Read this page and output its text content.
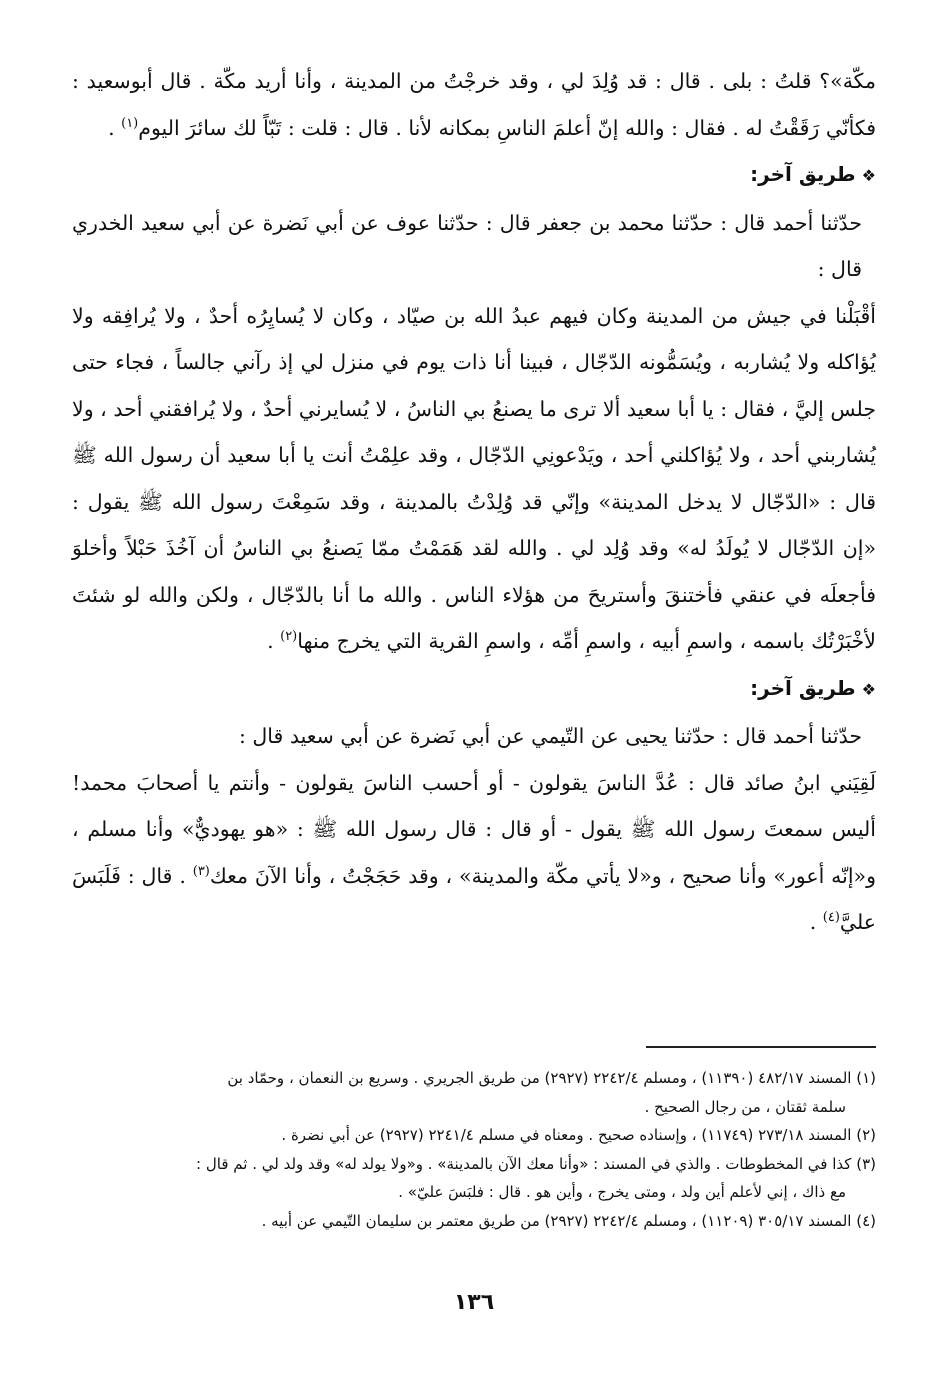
مكّة»؟ قلتُ : بلى . قال : قد وُلِدَ لي ، وقد خرجْتُ من المدينة ، وأنا أريد مكّة . قال أبوسعيد : فكأنّي رَقَقْتُ له . فقال : والله إنّ أعلمَ الناسِ بمكانه لأنا . قال : قلت : تَبّاً لك سائرَ اليوم$^{(١)}$ .

❖طريق آخر:

حدّثنا أحمد قال : حدّثنا محمد بن جعفر قال : حدّثنا عوف عن أبي نَضرة عن أبي سعيد الخدري قال :

أقْبَلْنا في جيش من المدينة وكان فيهم عبدُ الله بن صيّاد ، وكان لا يُسايِرُه أحدٌ ، ولا يُرافِقه ولا يُؤاكله ولا يُشاربه ، ويُسَمُّونه الدّجّال ، فبينا أنا ذات يوم في منزل لي إذ رآني جالساً ، فجاء حتى جلس إليَّ ، فقال : يا أبا سعيد ألا ترى ما يصنعُ بي الناسُ ، لا يُسايرني أحدٌ ، ولا يُرافقني أحد ، ولا يُشاربني أحد ، ولا يُؤاكلني أحد ، ويَدْعونِي الدّجّال ، وقد علِمْتُ أنت يا أبا سعيد أن رسول الله ﷺ قال : «الدّجّال لا يدخل المدينة» وإنّي قد وُلِدْتُ بالمدينة ، وقد سَمِعْتَ رسول الله ﷺ يقول : «إن الدّجّال لا يُولَدُ له» وقد وُلِد لي . والله لقد هَمَمْتُ ممّا يَصنعُ بي الناسُ أن آخُذَ حَبْلاً وأخلوَ فأجعلَه في عنقي فأختنقَ وأستريحَ من هؤلاء الناس . والله ما أنا بالدّجّال ، ولكن والله لو شئتَ لأخْبَرْتُك باسمه ، واسمِ أبيه ، واسمِ أمِّه ، واسمِ القرية التي يخرج منها$^{(٢)}$ .

❖طريق آخر:

حدّثنا أحمد قال : حدّثنا يحيى عن التّيمي عن أبي نَضرة عن أبي سعيد قال :

لَقِيَني ابنُ صائد قال : عُدَّ الناسَ يقولون - أو أحسب الناسَ يقولون - وأنتم يا أصحابَ محمد! أليس سمعتَ رسول الله ﷺ يقول - أو قال : قال رسول الله ﷺ : «هو يهوديٌّ» وأنا مسلم ، و«إنّه أعور» وأنا صحيح ، و«لا يأتي مكّة والمدينة» ، وقد حَجَجْتُ ، وأنا الآنَ معك$^{(٣)}$ . قال : فَلَبَسَ عليَّ$^{(٤)}$ .

(١) المسند ٤٨٢/١٧ (١١٣٩٠) ، ومسلم ٢٢٤٢/٤ (٢٩٢٧) من طريق الجريري . وسريع بن النعمان ، وحمّاد بن

سلمة ثقتان ، من رجال الصحيح .

(٢) المسند ٢٧٣/١٨ (١١٧٤٩) ، وإسناده صحيح . ومعناه في مسلم ٢٢٤١/٤ (٢٩٢٧) عن أبي نضرة .

(٣) كذا في المخطوطات . والذي في المسند : «وأنا معك الآن بالمدينة» . و«ولا يولد له» وقد ولد لي . ثم قال :

مع ذاك ، إني لأعلم أين ولد ، ومتى يخرج ، وأين هو . قال : فلبَسَ عليّ» .

(٤) المسند ٣٠٥/١٧ (١١٢٠٩) ، ومسلم ٢٢٤٢/٤ (٢٩٢٧) من طريق معتمر بن سليمان التّيمي عن أبيه .

١٣٦
